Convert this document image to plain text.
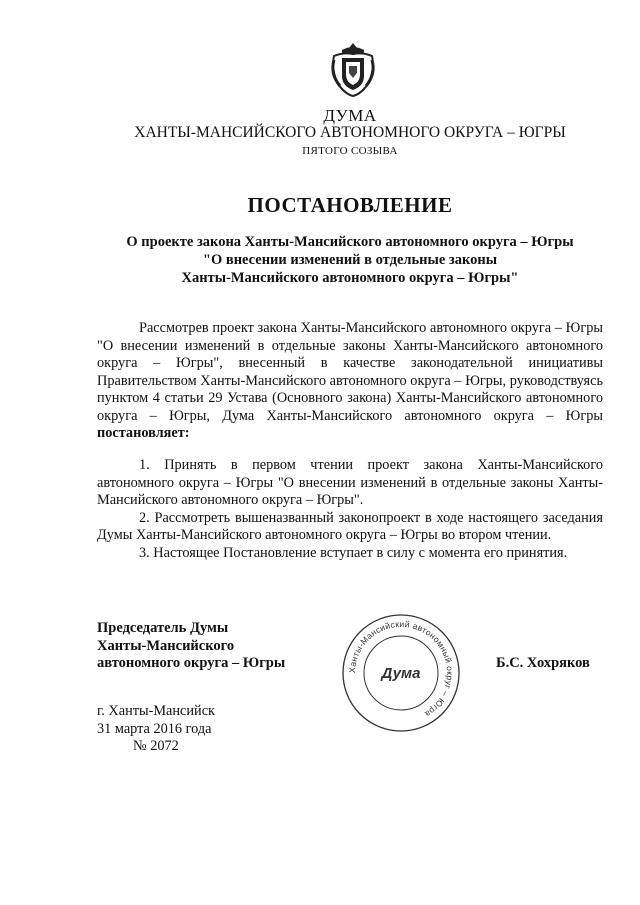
ДУМА
ХАНТЫ-МАНСИЙСКОГО АВТОНОМНОГО ОКРУГА – ЮГРЫ
ПЯТОГО СОЗЫВА
ПОСТАНОВЛЕНИЕ
О проекте закона Ханты-Мансийского автономного округа – Югры
"О внесении изменений в отдельные законы
Ханты-Мансийского автономного округа – Югры"
Рассмотрев проект закона Ханты-Мансийского автономного округа – Югры "О внесении изменений в отдельные законы Ханты-Мансийского автономного округа – Югры", внесенный в качестве законодательной инициативы Правительством Ханты-Мансийского автономного округа – Югры, руководствуясь пунктом 4 статьи 29 Устава (Основного закона) Ханты-Мансийского автономного округа – Югры, Дума Ханты-Мансийского автономного округа – Югры постановляет:

1. Принять в первом чтении проект закона Ханты-Мансийского автономного округа – Югры "О внесении изменений в отдельные законы Ханты-Мансийского автономного округа – Югры".

2. Рассмотреть вышеназванный законопроект в ходе настоящего заседания Думы Ханты-Мансийского автономного округа – Югры во втором чтении.

3. Настоящее Постановление вступает в силу с момента его принятия.

Председатель Думы
Ханты-Мансийского
автономного округа – Югры	Ханты-Мансийский автономный округ – Югра
Дума
Б.С. Хохряков
г. Ханты-Мансийск
31 марта 2016 года
№ 2072
